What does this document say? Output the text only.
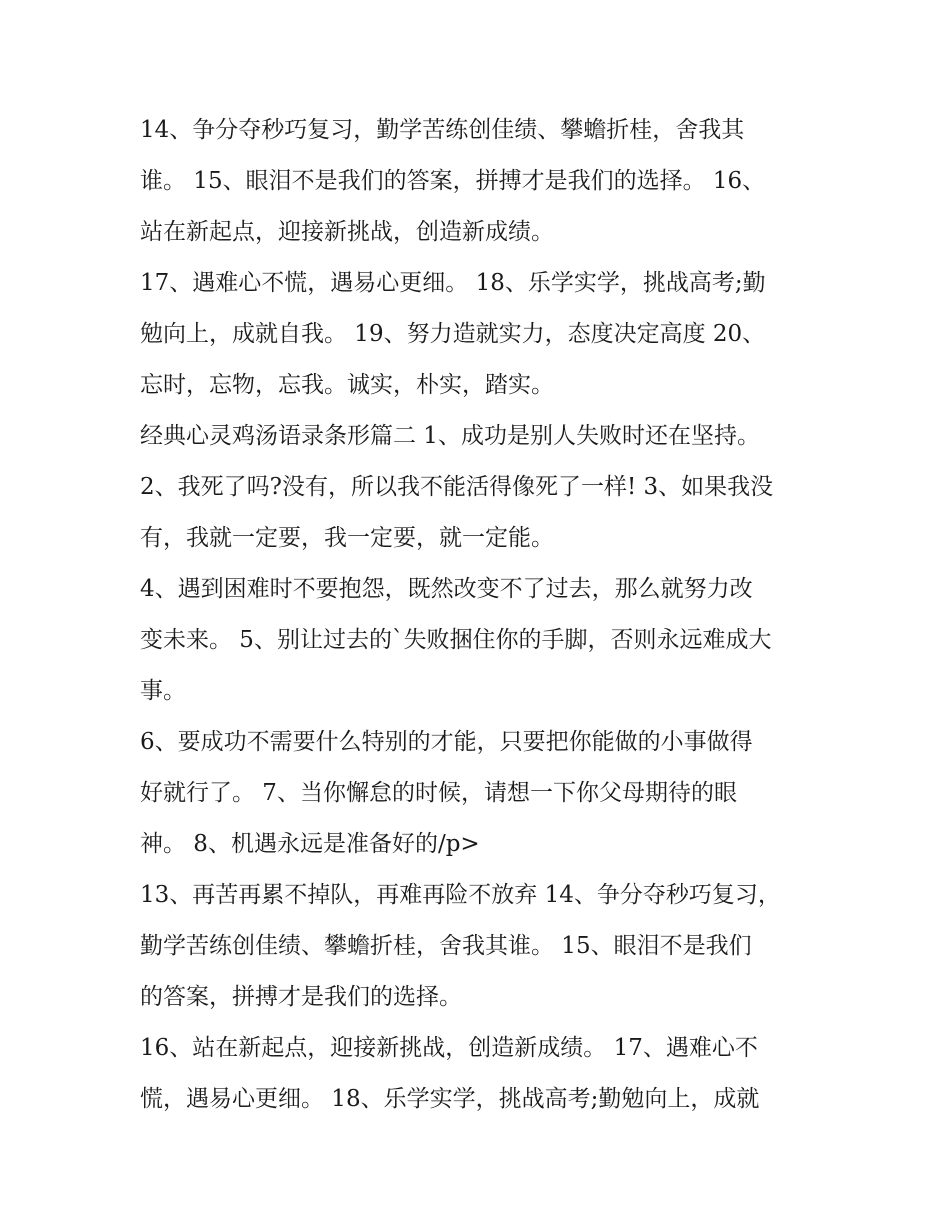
14、争分夺秒巧复习，勤学苦练创佳绩、攀蟾折桂，舍我其

谁。 15、眼泪不是我们的答案，拼搏才是我们的选择。 16、

站在新起点，迎接新挑战，创造新成绩。

17、遇难心不慌，遇易心更细。 18、乐学实学，挑战高考;勤

勉向上，成就自我。 19、努力造就实力，态度决定高度 20、

忘时，忘物，忘我。诚实，朴实，踏实。

经典心灵鸡汤语录条形篇二 1、成功是别人失败时还在坚持。

2、我死了吗?没有，所以我不能活得像死了一样! 3、如果我没

有，我就一定要，我一定要，就一定能。

4、遇到困难时不要抱怨，既然改变不了过去，那么就努力改

变未来。 5、别让过去的`失败捆住你的手脚，否则永远难成大

事。

6、要成功不需要什么特别的才能，只要把你能做的小事做得

好就行了。 7、当你懈怠的时候，请想一下你父母期待的眼

神。 8、机遇永远是准备好的/p>

13、再苦再累不掉队，再难再险不放弃 14、争分夺秒巧复习，

勤学苦练创佳绩、攀蟾折桂，舍我其谁。 15、眼泪不是我们

的答案，拼搏才是我们的选择。

16、站在新起点，迎接新挑战，创造新成绩。 17、遇难心不

慌，遇易心更细。 18、乐学实学，挑战高考;勤勉向上，成就
